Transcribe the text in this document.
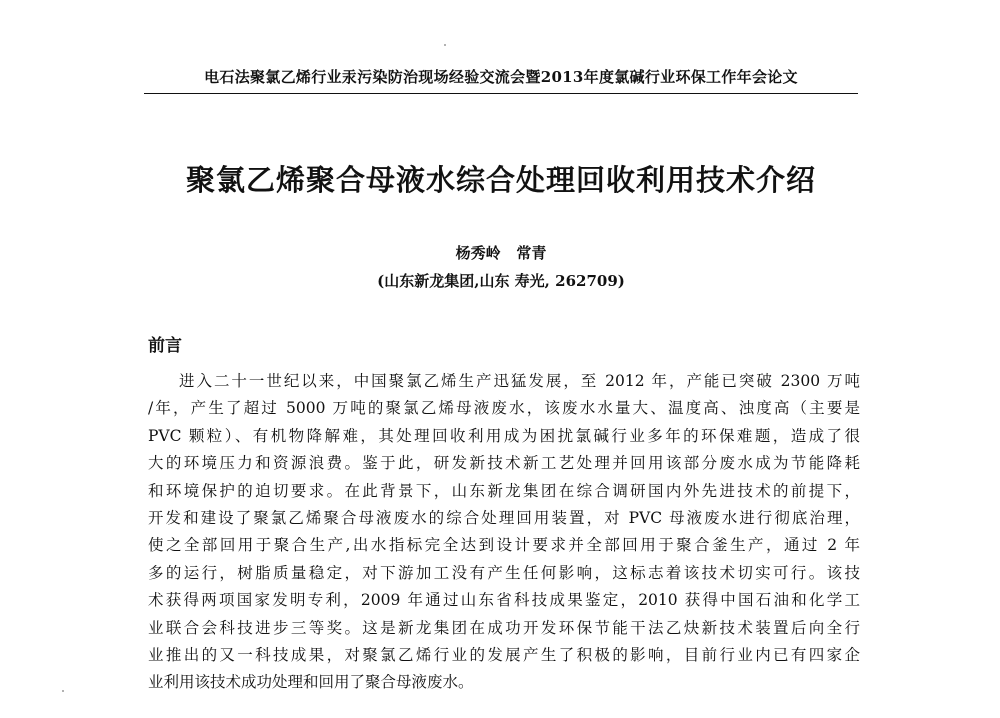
电石法聚氯乙烯行业汞污染防治现场经验交流会暨2013年度氯碱行业环保工作年会论文
聚氯乙烯聚合母液水综合处理回收利用技术介绍
杨秀岭   常青
(山东新龙集团,山东 寿光, 262709)
前言
进入二十一世纪以来，中国聚氯乙烯生产迅猛发展，至 2012 年，产能已突破 2300 万吨
/年，产生了超过 5000 万吨的聚氯乙烯母液废水，该废水水量大、温度高、浊度高（主要是
PVC 颗粒）、有机物降解难，其处理回收利用成为困扰氯碱行业多年的环保难题，造成了很
大的环境压力和资源浪费。鉴于此，研发新技术新工艺处理并回用该部分废水成为节能降耗
和环境保护的迫切要求。在此背景下，山东新龙集团在综合调研国内外先进技术的前提下，
开发和建设了聚氯乙烯聚合母液废水的综合处理回用装置，对 PVC 母液废水进行彻底治理，
使之全部回用于聚合生产,出水指标完全达到设计要求并全部回用于聚合釜生产，通过 2 年
多的运行，树脂质量稳定，对下游加工没有产生任何影响，这标志着该技术切实可行。该技
术获得两项国家发明专利，2009 年通过山东省科技成果鉴定，2010 获得中国石油和化学工
业联合会科技进步三等奖。这是新龙集团在成功开发环保节能干法乙炔新技术装置后向全行
业推出的又一科技成果，对聚氯乙烯行业的发展产生了积极的影响，目前行业内已有四家企
业利用该技术成功处理和回用了聚合母液废水。
